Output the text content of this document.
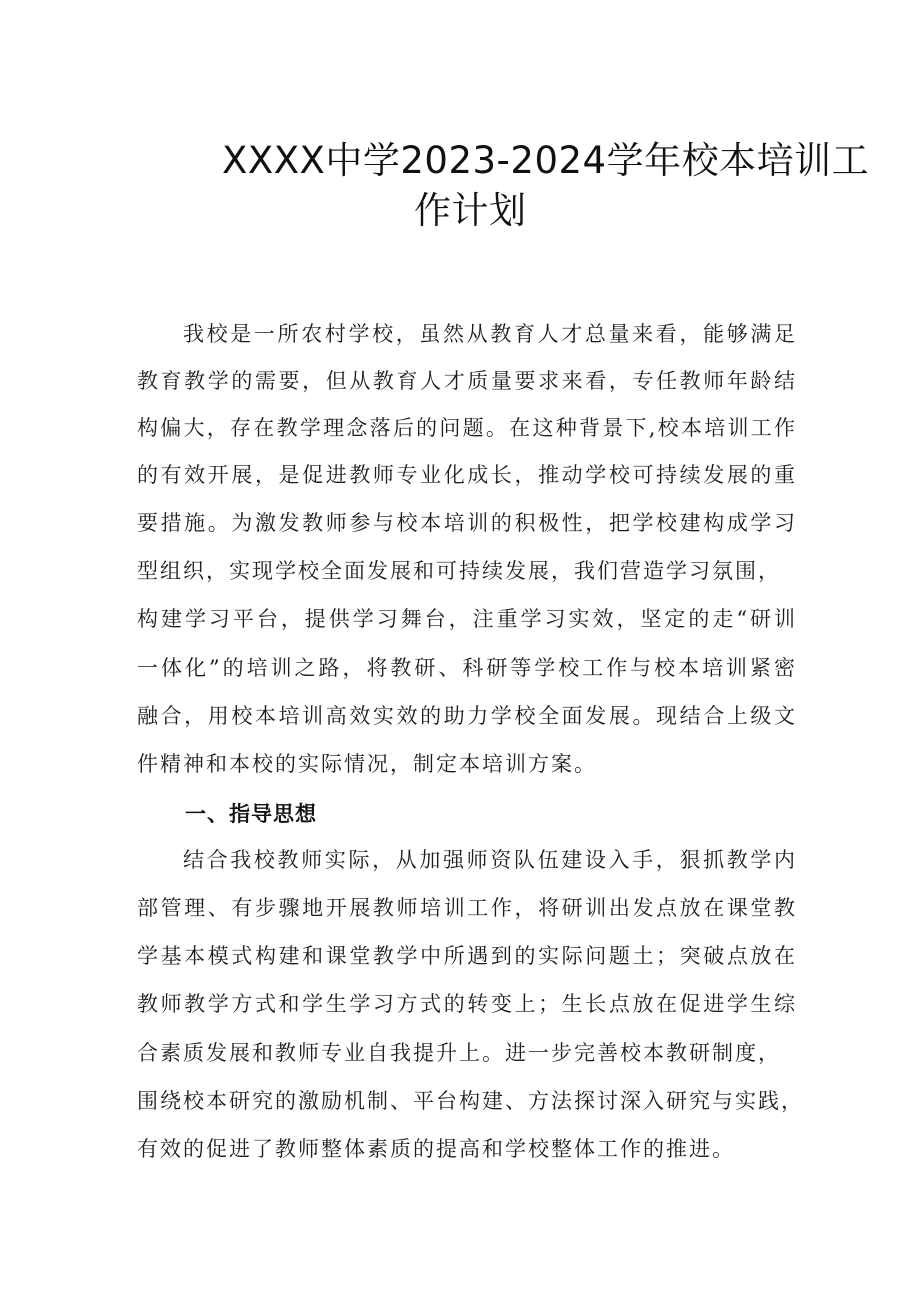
XXXX中学2023-2024学年校本培训工
作计划
我校是一所农村学校，虽然从教育人才总量来看，能够满足
教育教学的需要，但从教育人才质量要求来看，专任教师年龄结
构偏大，存在教学理念落后的问题。在这种背景下,校本培训工作
的有效开展，是促进教师专业化成长，推动学校可持续发展的重
要措施。为激发教师参与校本培训的积极性，把学校建构成学习
型组织，实现学校全面发展和可持续发展，我们营造学习氛围，
构建学习平台，提供学习舞台，注重学习实效，坚定的走“研训
一体化”的培训之路，将教研、科研等学校工作与校本培训紧密
融合，用校本培训高效实效的助力学校全面发展。现结合上级文
件精神和本校的实际情况，制定本培训方案。
一、指导思想
结合我校教师实际，从加强师资队伍建设入手，狠抓教学内
部管理、有步骤地开展教师培训工作，将研训出发点放在课堂教
学基本模式构建和课堂教学中所遇到的实际问题土；突破点放在
教师教学方式和学生学习方式的转变上；生长点放在促进学生综
合素质发展和教师专业自我提升上。进一步完善校本教研制度，
围绕校本研究的激励机制、平台构建、方法探讨深入研究与实践，
有效的促进了教师整体素质的提高和学校整体工作的推进。
